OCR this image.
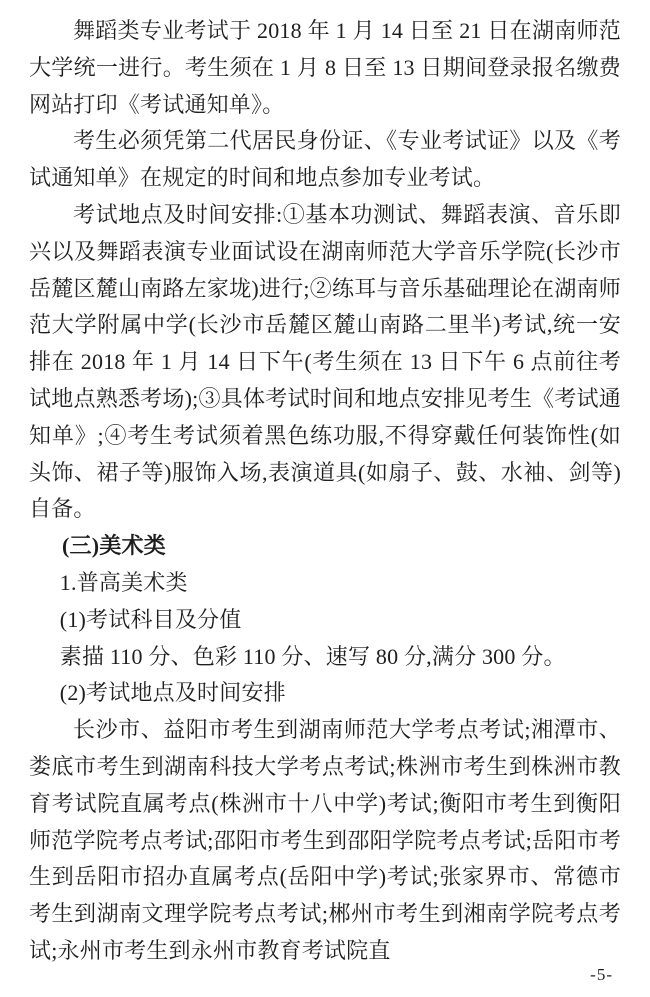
舞蹈类专业考试于 2018 年 1 月 14 日至 21 日在湖南师范大学统一进行。考生须在 1 月 8 日至 13 日期间登录报名缴费网站打印《考试通知单》。

考生必须凭第二代居民身份证、《专业考试证》以及《考试通知单》在规定的时间和地点参加专业考试。

考试地点及时间安排:①基本功测试、舞蹈表演、音乐即兴以及舞蹈表演专业面试设在湖南师范大学音乐学院(长沙市岳麓区麓山南路左家垅)进行;②练耳与音乐基础理论在湖南师范大学附属中学(长沙市岳麓区麓山南路二里半)考试,统一安排在 2018 年 1 月 14 日下午(考生须在 13 日下午 6 点前往考试地点熟悉考场);③具体考试时间和地点安排见考生《考试通知单》;④考生考试须着黑色练功服,不得穿戴任何装饰性(如头饰、裙子等)服饰入场,表演道具(如扇子、鼓、水袖、剑等)自备。

(三)美术类

1.普高美术类

(1)考试科目及分值

素描 110 分、色彩 110 分、速写 80 分,满分 300 分。

(2)考试地点及时间安排

长沙市、益阳市考生到湖南师范大学考点考试;湘潭市、娄底市考生到湖南科技大学考点考试;株洲市考生到株洲市教育考试院直属考点(株洲市十八中学)考试;衡阳市考生到衡阳师范学院考点考试;邵阳市考生到邵阳学院考点考试;岳阳市考生到岳阳市招办直属考点(岳阳中学)考试;张家界市、常德市考生到湖南文理学院考点考试;郴州市考生到湘南学院考点考试;永州市考生到永州市教育考试院直

-5-
